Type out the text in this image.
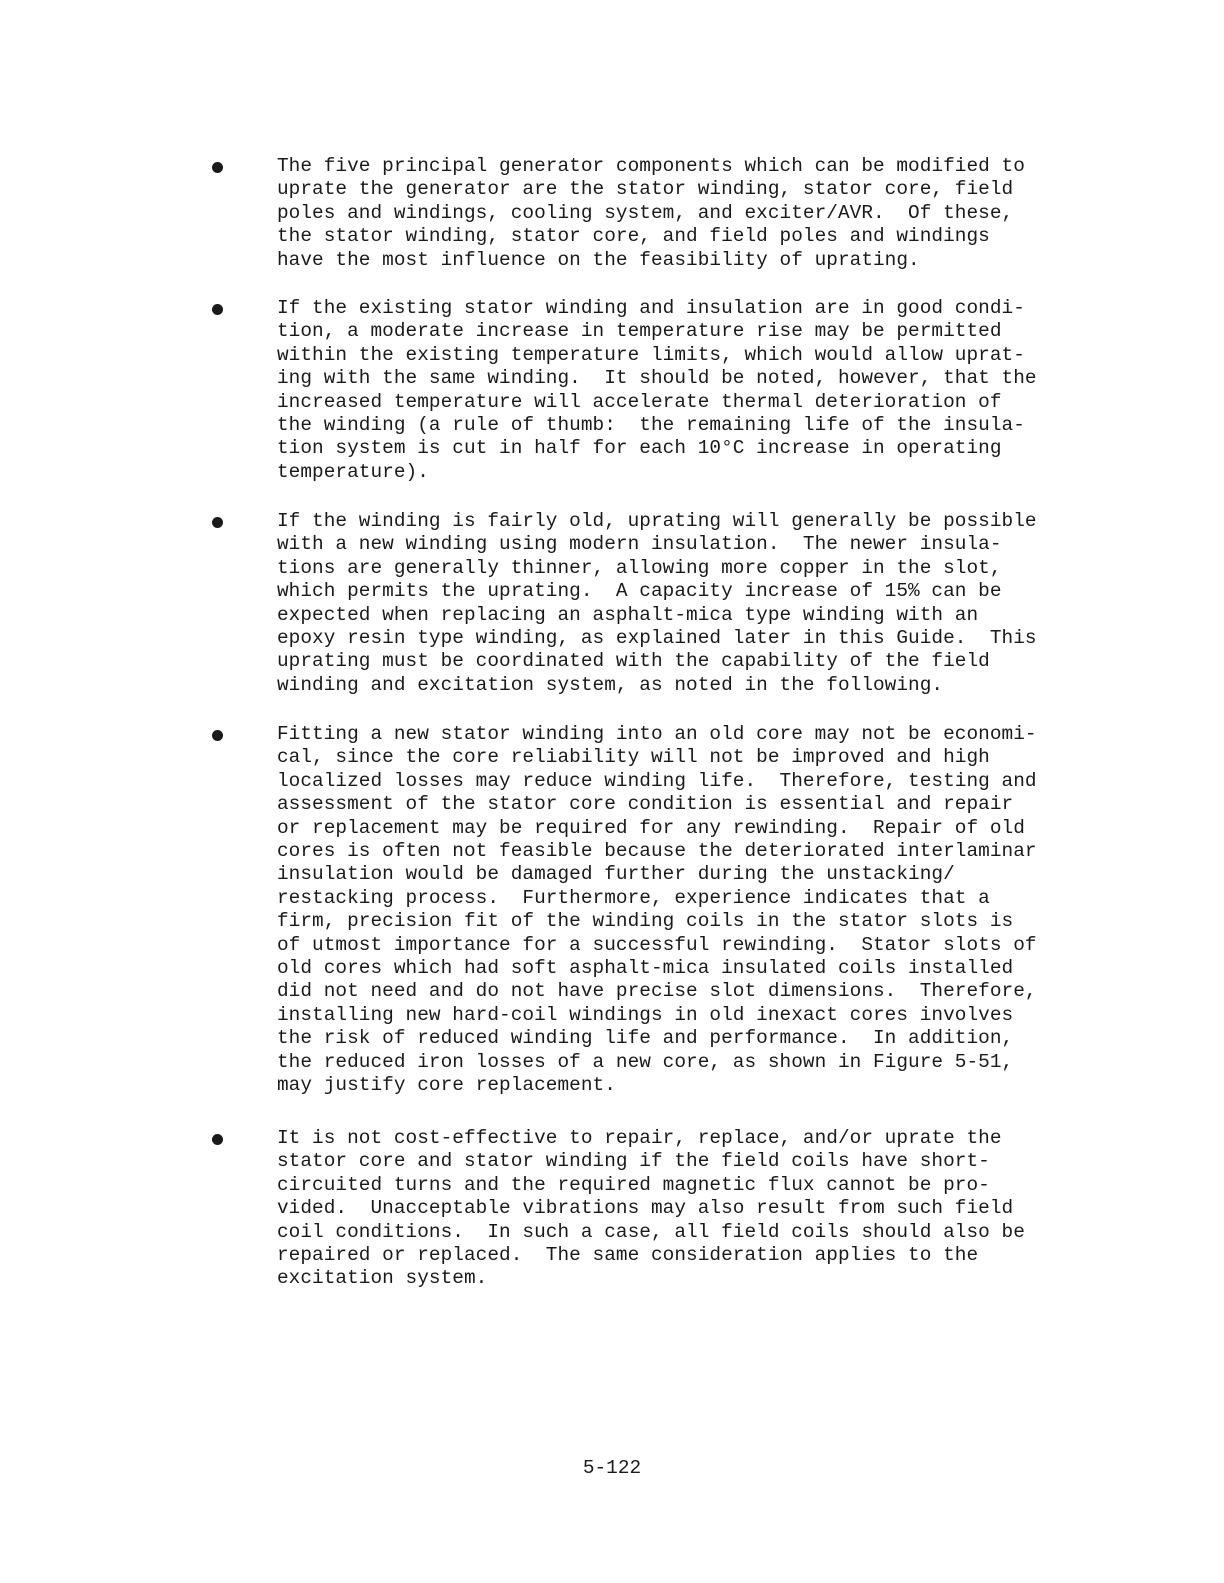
The five principal generator components which can be modified to
uprate the generator are the stator winding, stator core, field
poles and windings, cooling system, and exciter/AVR.  Of these,
the stator winding, stator core, and field poles and windings
have the most influence on the feasibility of uprating.
If the existing stator winding and insulation are in good condi-
tion, a moderate increase in temperature rise may be permitted
within the existing temperature limits, which would allow uprat-
ing with the same winding.  It should be noted, however, that the
increased temperature will accelerate thermal deterioration of
the winding (a rule of thumb:  the remaining life of the insula-
tion system is cut in half for each 10°C increase in operating
temperature).
If the winding is fairly old, uprating will generally be possible
with a new winding using modern insulation.  The newer insula-
tions are generally thinner, allowing more copper in the slot,
which permits the uprating.  A capacity increase of 15% can be
expected when replacing an asphalt-mica type winding with an
epoxy resin type winding, as explained later in this Guide.  This
uprating must be coordinated with the capability of the field
winding and excitation system, as noted in the following.
Fitting a new stator winding into an old core may not be economi-
cal, since the core reliability will not be improved and high
localized losses may reduce winding life.  Therefore, testing and
assessment of the stator core condition is essential and repair
or replacement may be required for any rewinding.  Repair of old
cores is often not feasible because the deteriorated interlaminar
insulation would be damaged further during the unstacking/
restacking process.  Furthermore, experience indicates that a
firm, precision fit of the winding coils in the stator slots is
of utmost importance for a successful rewinding.  Stator slots of
old cores which had soft asphalt-mica insulated coils installed
did not need and do not have precise slot dimensions.  Therefore,
installing new hard-coil windings in old inexact cores involves
the risk of reduced winding life and performance.  In addition,
the reduced iron losses of a new core, as shown in Figure 5-51,
may justify core replacement.
It is not cost-effective to repair, replace, and/or uprate the
stator core and stator winding if the field coils have short-
circuited turns and the required magnetic flux cannot be pro-
vided.  Unacceptable vibrations may also result from such field
coil conditions.  In such a case, all field coils should also be
repaired or replaced.  The same consideration applies to the
excitation system.
5-122
